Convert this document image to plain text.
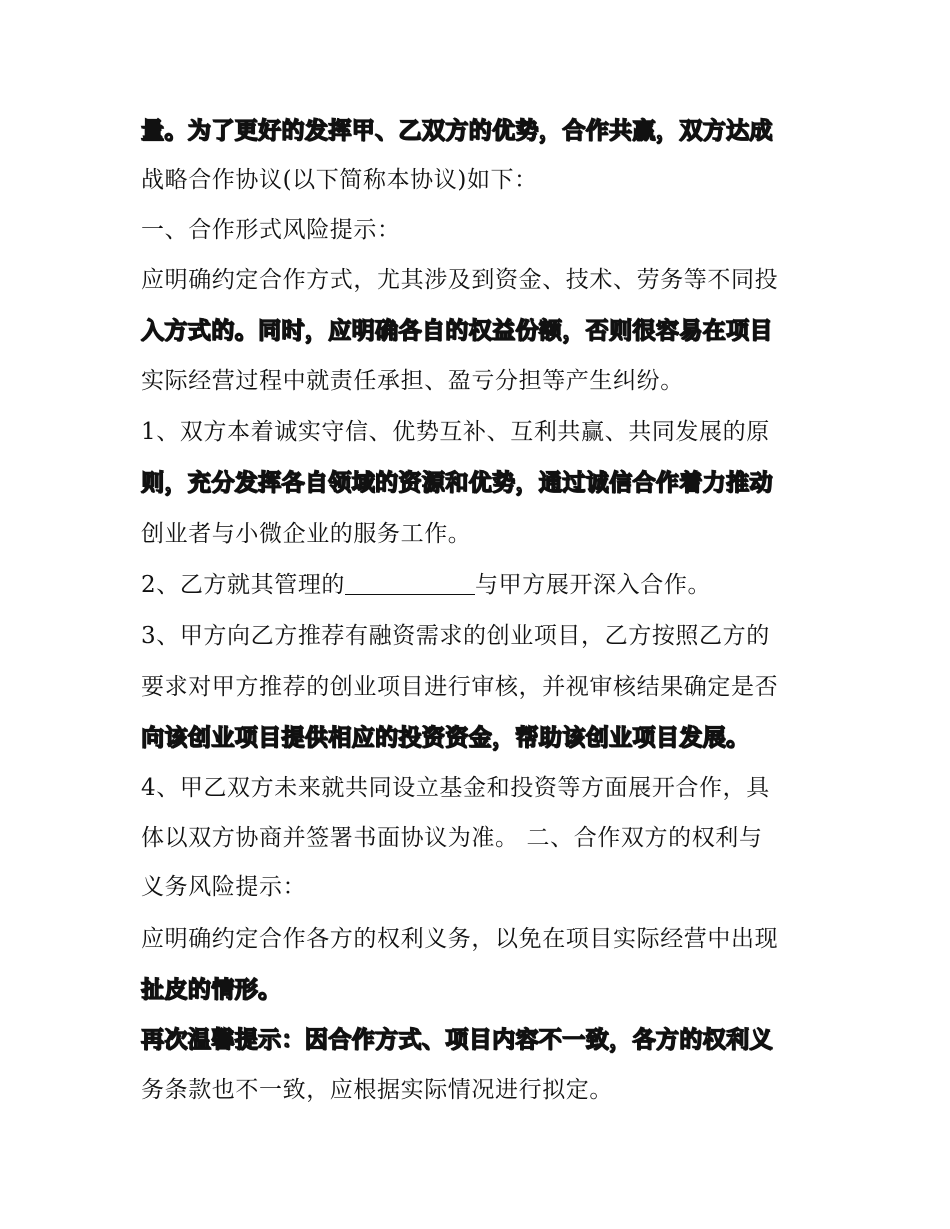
量。为了更好的发挥甲、乙双方的优势，合作共赢，双方达成
战略合作协议(以下简称本协议)如下：
一、合作形式风险提示：
应明确约定合作方式，尤其涉及到资金、技术、劳务等不同投
入方式的。同时，应明确各自的权益份额，否则很容易在项目
实际经营过程中就责任承担、盈亏分担等产生纠纷。
1、双方本着诚实守信、优势互补、互利共赢、共同发展的原
则，充分发挥各自领域的资源和优势，通过诚信合作着力推动
创业者与小微企业的服务工作。
2、乙方就其管理的	与甲方展开深入合作。
3、甲方向乙方推荐有融资需求的创业项目，乙方按照乙方的
要求对甲方推荐的创业项目进行审核，并视审核结果确定是否
向该创业项目提供相应的投资资金，帮助该创业项目发展。
4、甲乙双方未来就共同设立基金和投资等方面展开合作，具
体以双方协商并签署书面协议为准。 二、合作双方的权利与
义务风险提示：
应明确约定合作各方的权利义务，以免在项目实际经营中出现
扯皮的情形。
再次温馨提示：因合作方式、项目内容不一致，各方的权利义
务条款也不一致，应根据实际情况进行拟定。
